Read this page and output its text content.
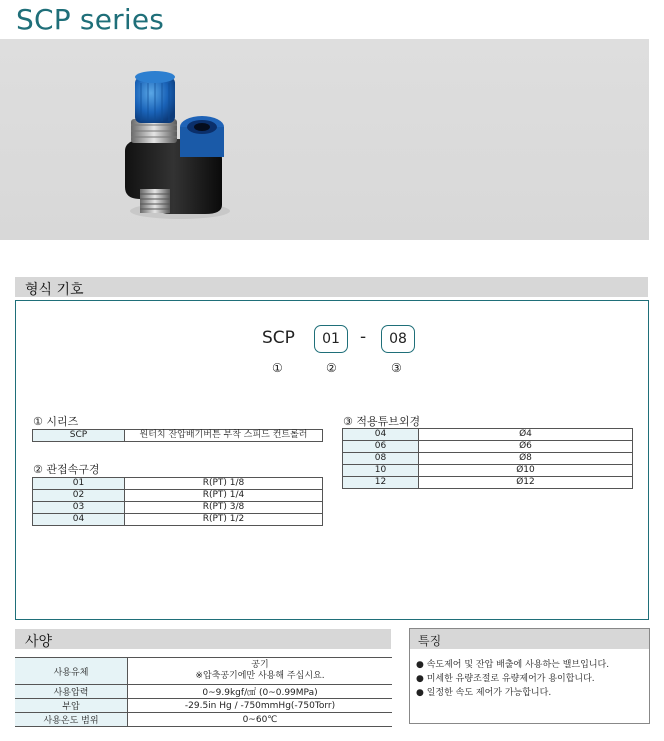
SCP series
형식 기호
SCP	01	-	08
①	②	③
① 시리즈
SCP	원터치 잔압배기버튼 부착 스피드 컨트롤러
② 관접속구경
01	R(PT) 1/8
02	R(PT) 1/4
03	R(PT) 3/8
04	R(PT) 1/2
③ 적용튜브외경
04	Ø4
06	Ø6
08	Ø8
10	Ø10
12	Ø12
사양
사용유체	공기
※압축공기에만 사용해 주십시요.

사용압력	0~9.9kgf/㎠ (0~0.99MPa)
부압	-29.5in Hg / -750mmHg(-750Torr)
사용온도 범위	0~60℃
특징
● 속도제어 및 잔압 배출에 사용하는 밸브입니다.
● 미세한 유량조절로 유량제어가 용이합니다.
● 일정한 속도 제어가 가능합니다.
